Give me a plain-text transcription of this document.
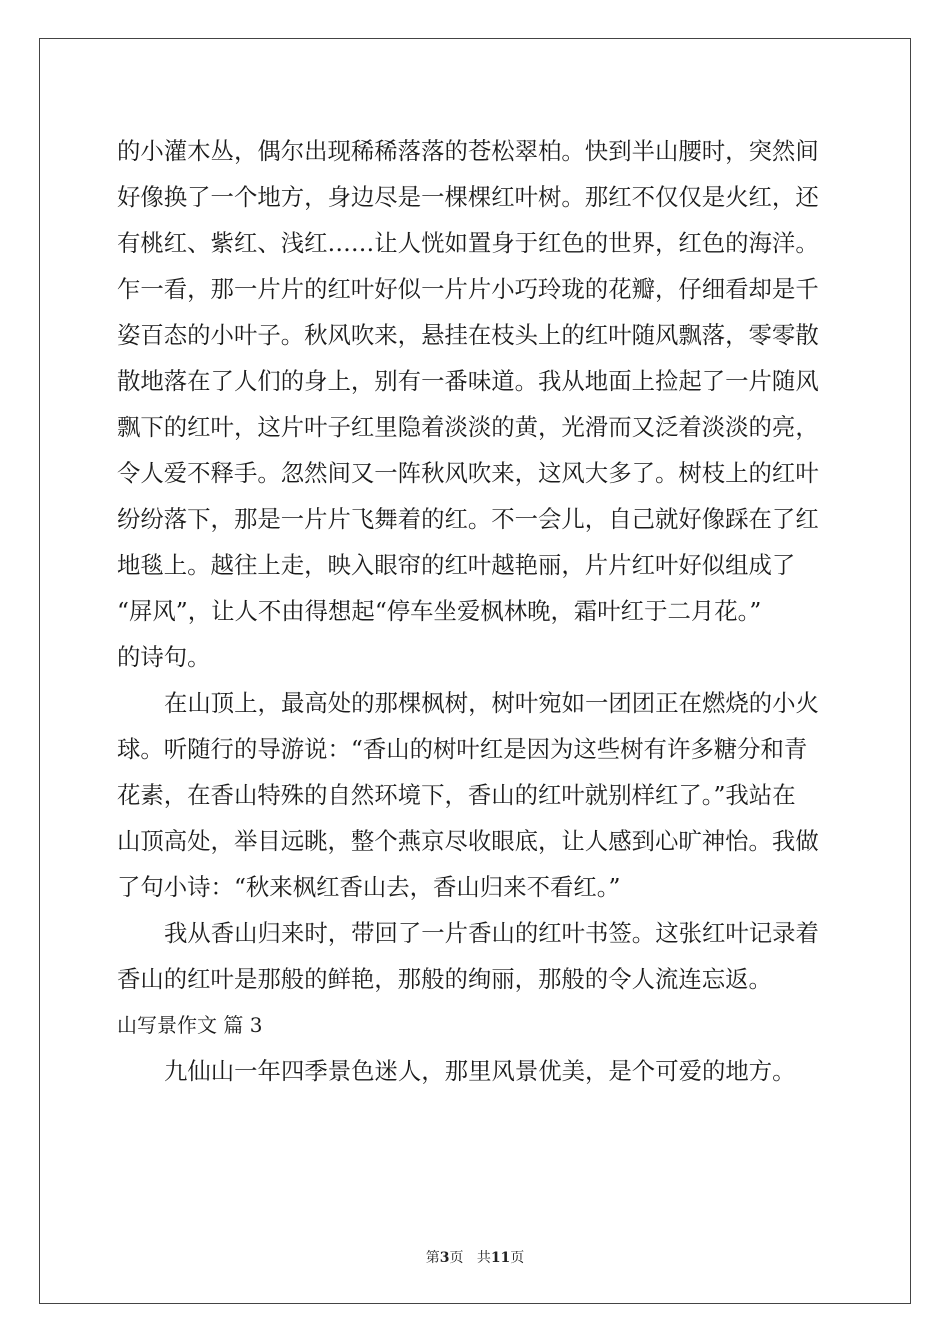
的小灌木丛，偶尔出现稀稀落落的苍松翠柏。快到半山腰时，突然间
好像换了一个地方，身边尽是一棵棵红叶树。那红不仅仅是火红，还
有桃红、紫红、浅红……让人恍如置身于红色的世界，红色的海洋。
乍一看，那一片片的红叶好似一片片小巧玲珑的花瓣，仔细看却是千
姿百态的小叶子。秋风吹来，悬挂在枝头上的红叶随风飘落，零零散
散地落在了人们的身上，别有一番味道。我从地面上捡起了一片随风
飘下的红叶，这片叶子红里隐着淡淡的黄，光滑而又泛着淡淡的亮，
令人爱不释手。忽然间又一阵秋风吹来，这风大多了。树枝上的红叶
纷纷落下，那是一片片飞舞着的红。不一会儿，自己就好像踩在了红
地毯上。越往上走，映入眼帘的红叶越艳丽，片片红叶好似组成了
“屏风”，让人不由得想起“停车坐爱枫林晚，霜叶红于二月花。”
的诗句。
在山顶上，最高处的那棵枫树，树叶宛如一团团正在燃烧的小火
球。听随行的导游说：“香山的树叶红是因为这些树有许多糖分和青
花素，在香山特殊的自然环境下，香山的红叶就别样红了。”我站在
山顶高处，举目远眺，整个燕京尽收眼底，让人感到心旷神怡。我做
了句小诗：“秋来枫红香山去，香山归来不看红。”
我从香山归来时，带回了一片香山的红叶书签。这张红叶记录着
香山的红叶是那般的鲜艳，那般的绚丽，那般的令人流连忘返。
山写景作文 篇 3
九仙山一年四季景色迷人，那里风景优美，是个可爱的地方。
第3页 共11页
